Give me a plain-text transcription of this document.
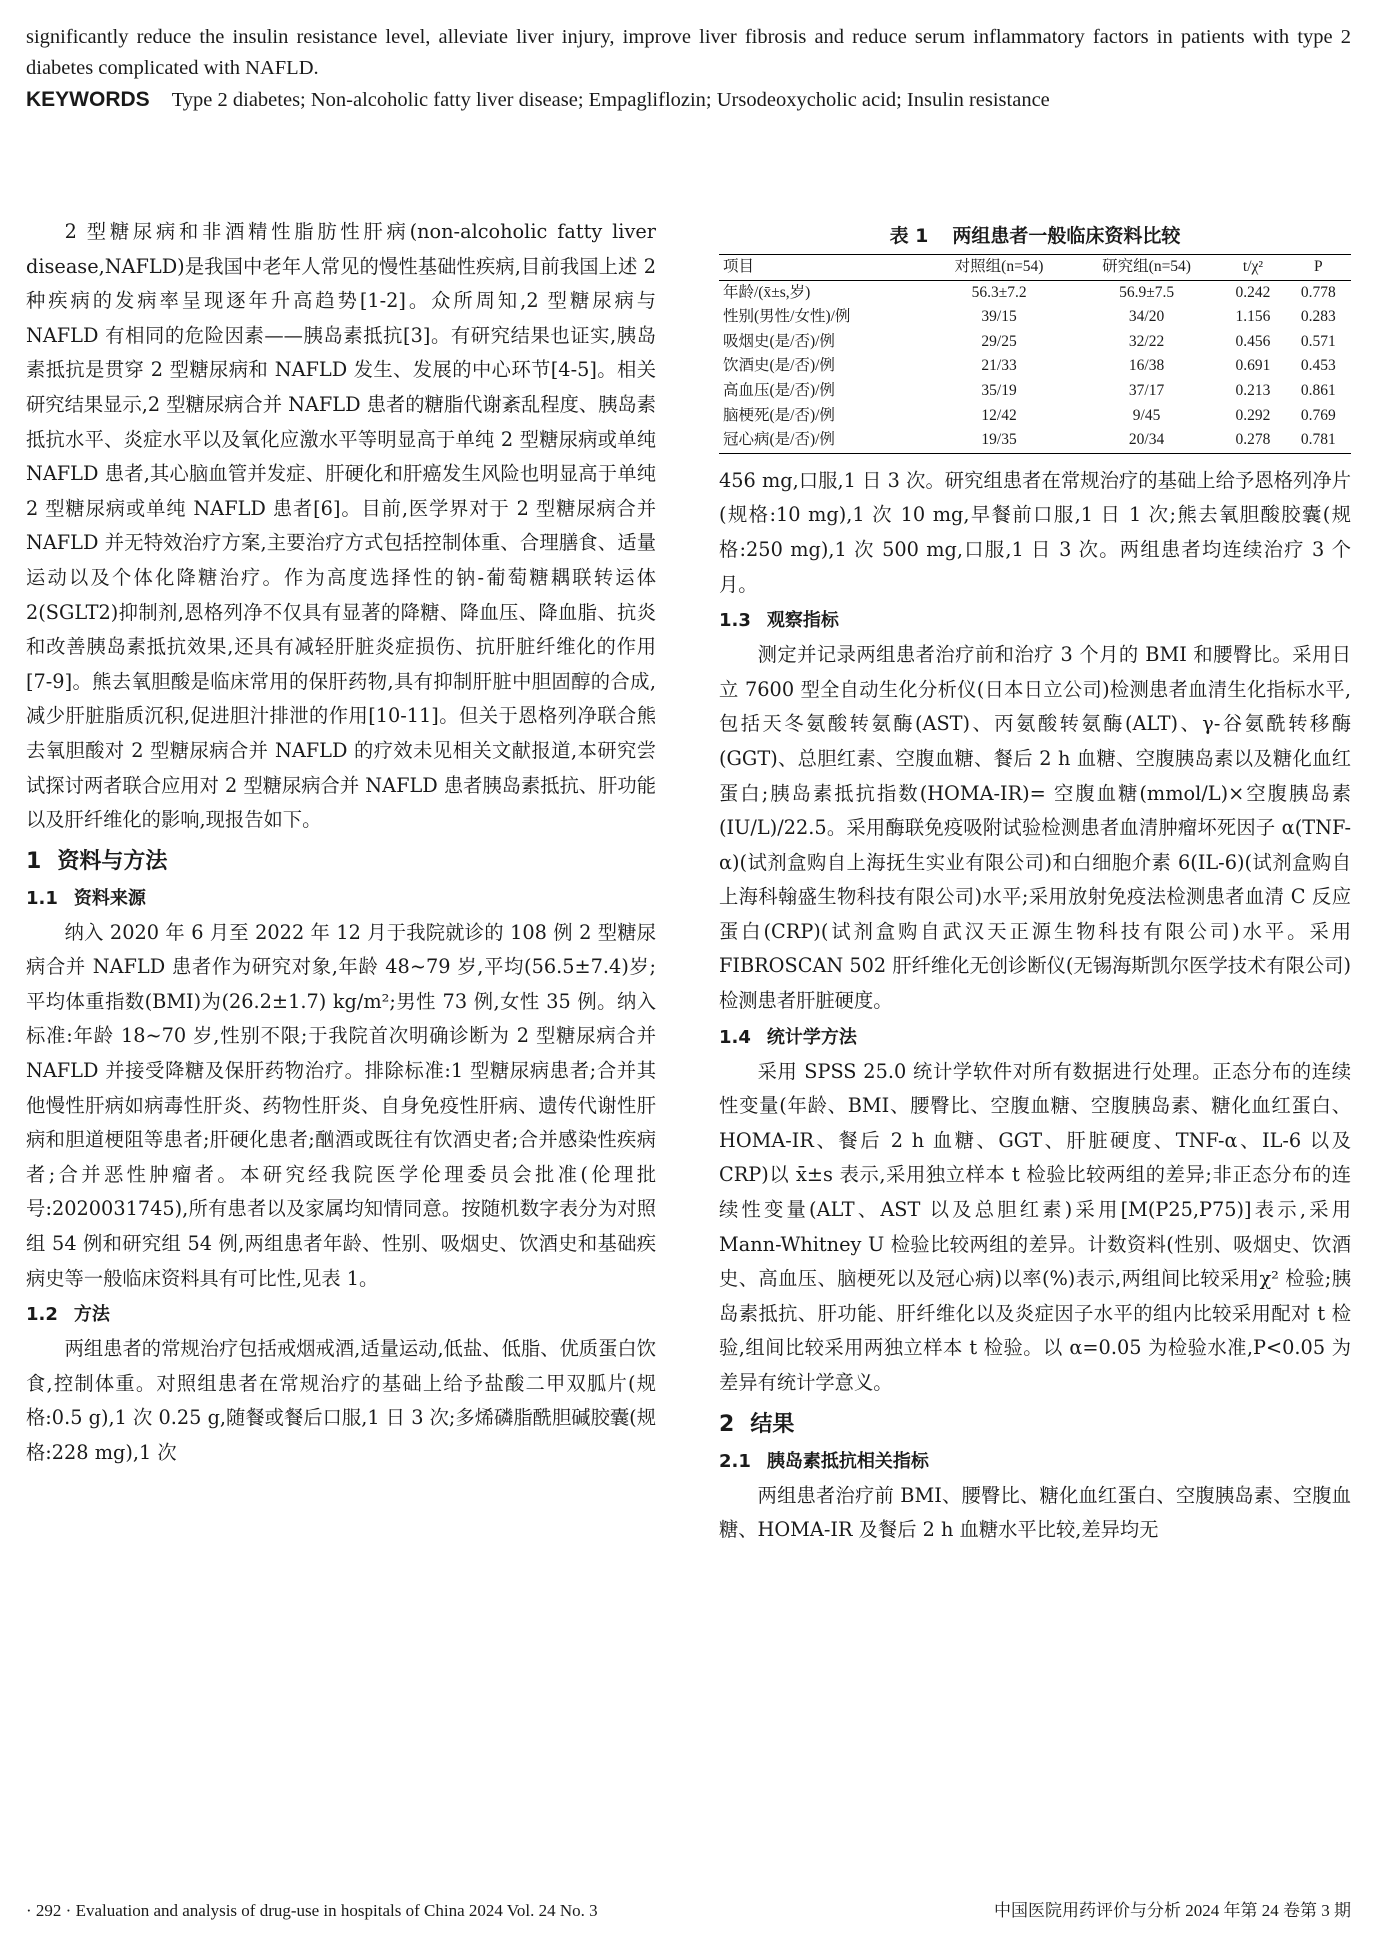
significantly reduce the insulin resistance level, alleviate liver injury, improve liver fibrosis and reduce serum inflammatory factors in patients with type 2 diabetes complicated with NAFLD.

KEYWORDS Type 2 diabetes; Non-alcoholic fatty liver disease; Empagliflozin; Ursodeoxycholic acid; Insulin resistance

2 型糖尿病和非酒精性脂肪性肝病(non-alcoholic fatty liver disease,NAFLD)是我国中老年人常见的慢性基础性疾病,目前我国上述 2 种疾病的发病率呈现逐年升高趋势[1-2]。众所周知,2 型糖尿病与 NAFLD 有相同的危险因素——胰岛素抵抗[3]。有研究结果也证实,胰岛素抵抗是贯穿 2 型糖尿病和 NAFLD 发生、发展的中心环节[4-5]。相关研究结果显示,2 型糖尿病合并 NAFLD 患者的糖脂代谢紊乱程度、胰岛素抵抗水平、炎症水平以及氧化应激水平等明显高于单纯 2 型糖尿病或单纯 NAFLD 患者,其心脑血管并发症、肝硬化和肝癌发生风险也明显高于单纯 2 型糖尿病或单纯 NAFLD 患者[6]。目前,医学界对于 2 型糖尿病合并 NAFLD 并无特效治疗方案,主要治疗方式包括控制体重、合理膳食、适量运动以及个体化降糖治疗。作为高度选择性的钠-葡萄糖耦联转运体 2(SGLT2)抑制剂,恩格列净不仅具有显著的降糖、降血压、降血脂、抗炎和改善胰岛素抵抗效果,还具有减轻肝脏炎症损伤、抗肝脏纤维化的作用[7-9]。熊去氧胆酸是临床常用的保肝药物,具有抑制肝脏中胆固醇的合成,减少肝脏脂质沉积,促进胆汁排泄的作用[10-11]。但关于恩格列净联合熊去氧胆酸对 2 型糖尿病合并 NAFLD 的疗效未见相关文献报道,本研究尝试探讨两者联合应用对 2 型糖尿病合并 NAFLD 患者胰岛素抵抗、肝功能以及肝纤维化的影响,现报告如下。

1 资料与方法
1.1 资料来源

纳入 2020 年 6 月至 2022 年 12 月于我院就诊的 108 例 2 型糖尿病合并 NAFLD 患者作为研究对象,年龄 48~79 岁,平均(56.5±7.4)岁;平均体重指数(BMI)为(26.2±1.7) kg/m²;男性 73 例,女性 35 例。纳入标准:年龄 18~70 岁,性别不限;于我院首次明确诊断为 2 型糖尿病合并 NAFLD 并接受降糖及保肝药物治疗。排除标准:1 型糖尿病患者;合并其他慢性肝病如病毒性肝炎、药物性肝炎、自身免疫性肝病、遗传代谢性肝病和胆道梗阻等患者;肝硬化患者;酗酒或既往有饮酒史者;合并感染性疾病者;合并恶性肿瘤者。本研究经我院医学伦理委员会批准(伦理批号:2020031745),所有患者以及家属均知情同意。按随机数字表分为对照组 54 例和研究组 54 例,两组患者年龄、性别、吸烟史、饮酒史和基础疾病史等一般临床资料具有可比性,见表 1。

1.2 方法

两组患者的常规治疗包括戒烟戒酒,适量运动,低盐、低脂、优质蛋白饮食,控制体重。对照组患者在常规治疗的基础上给予盐酸二甲双胍片(规格:0.5 g),1 次 0.25 g,随餐或餐后口服,1 日 3 次;多烯磷脂酰胆碱胶囊(规格:228 mg),1 次

表 1 两组患者一般临床资料比较
项目	对照组(n=54)	研究组(n=54)	t/χ²	P
年龄/(x̄±s,岁)	56.3±7.2	56.9±7.5	0.242	0.778
性别(男性/女性)/例	39/15	34/20	1.156	0.283
吸烟史(是/否)/例	29/25	32/22	0.456	0.571
饮酒史(是/否)/例	21/33	16/38	0.691	0.453
高血压(是/否)/例	35/19	37/17	0.213	0.861
脑梗死(是/否)/例	12/42	9/45	0.292	0.769
冠心病(是/否)/例	19/35	20/34	0.278	0.781

456 mg,口服,1 日 3 次。研究组患者在常规治疗的基础上给予恩格列净片(规格:10 mg),1 次 10 mg,早餐前口服,1 日 1 次;熊去氧胆酸胶囊(规格:250 mg),1 次 500 mg,口服,1 日 3 次。两组患者均连续治疗 3 个月。

1.3 观察指标

测定并记录两组患者治疗前和治疗 3 个月的 BMI 和腰臀比。采用日立 7600 型全自动生化分析仪(日本日立公司)检测患者血清生化指标水平,包括天冬氨酸转氨酶(AST)、丙氨酸转氨酶(ALT)、γ-谷氨酰转移酶(GGT)、总胆红素、空腹血糖、餐后 2 h 血糖、空腹胰岛素以及糖化血红蛋白;胰岛素抵抗指数(HOMA-IR)= 空腹血糖(mmol/L)×空腹胰岛素(IU/L)/22.5。采用酶联免疫吸附试验检测患者血清肿瘤坏死因子 α(TNF-α)(试剂盒购自上海抚生实业有限公司)和白细胞介素 6(IL-6)(试剂盒购自上海科翰盛生物科技有限公司)水平;采用放射免疫法检测患者血清 C 反应蛋白(CRP)(试剂盒购自武汉天正源生物科技有限公司)水平。采用 FIBROSCAN 502 肝纤维化无创诊断仪(无锡海斯凯尔医学技术有限公司)检测患者肝脏硬度。

1.4 统计学方法

采用 SPSS 25.0 统计学软件对所有数据进行处理。正态分布的连续性变量(年龄、BMI、腰臀比、空腹血糖、空腹胰岛素、糖化血红蛋白、HOMA-IR、餐后 2 h 血糖、GGT、肝脏硬度、TNF-α、IL-6 以及 CRP)以 x̄±s 表示,采用独立样本 t 检验比较两组的差异;非正态分布的连续性变量(ALT、AST 以及总胆红素)采用[M(P25,P75)]表示,采用 Mann-Whitney U 检验比较两组的差异。计数资料(性别、吸烟史、饮酒史、高血压、脑梗死以及冠心病)以率(%)表示,两组间比较采用χ² 检验;胰岛素抵抗、肝功能、肝纤维化以及炎症因子水平的组内比较采用配对 t 检验,组间比较采用两独立样本 t 检验。以 α=0.05 为检验水准,P<0.05 为差异有统计学意义。

2 结果
2.1 胰岛素抵抗相关指标

两组患者治疗前 BMI、腰臀比、糖化血红蛋白、空腹胰岛素、空腹血糖、HOMA-IR 及餐后 2 h 血糖水平比较,差异均无

· 292 · Evaluation and analysis of drug-use in hospitals of China 2024 Vol. 24 No. 3	中国医院用药评价与分析 2024 年第 24 卷第 3 期
